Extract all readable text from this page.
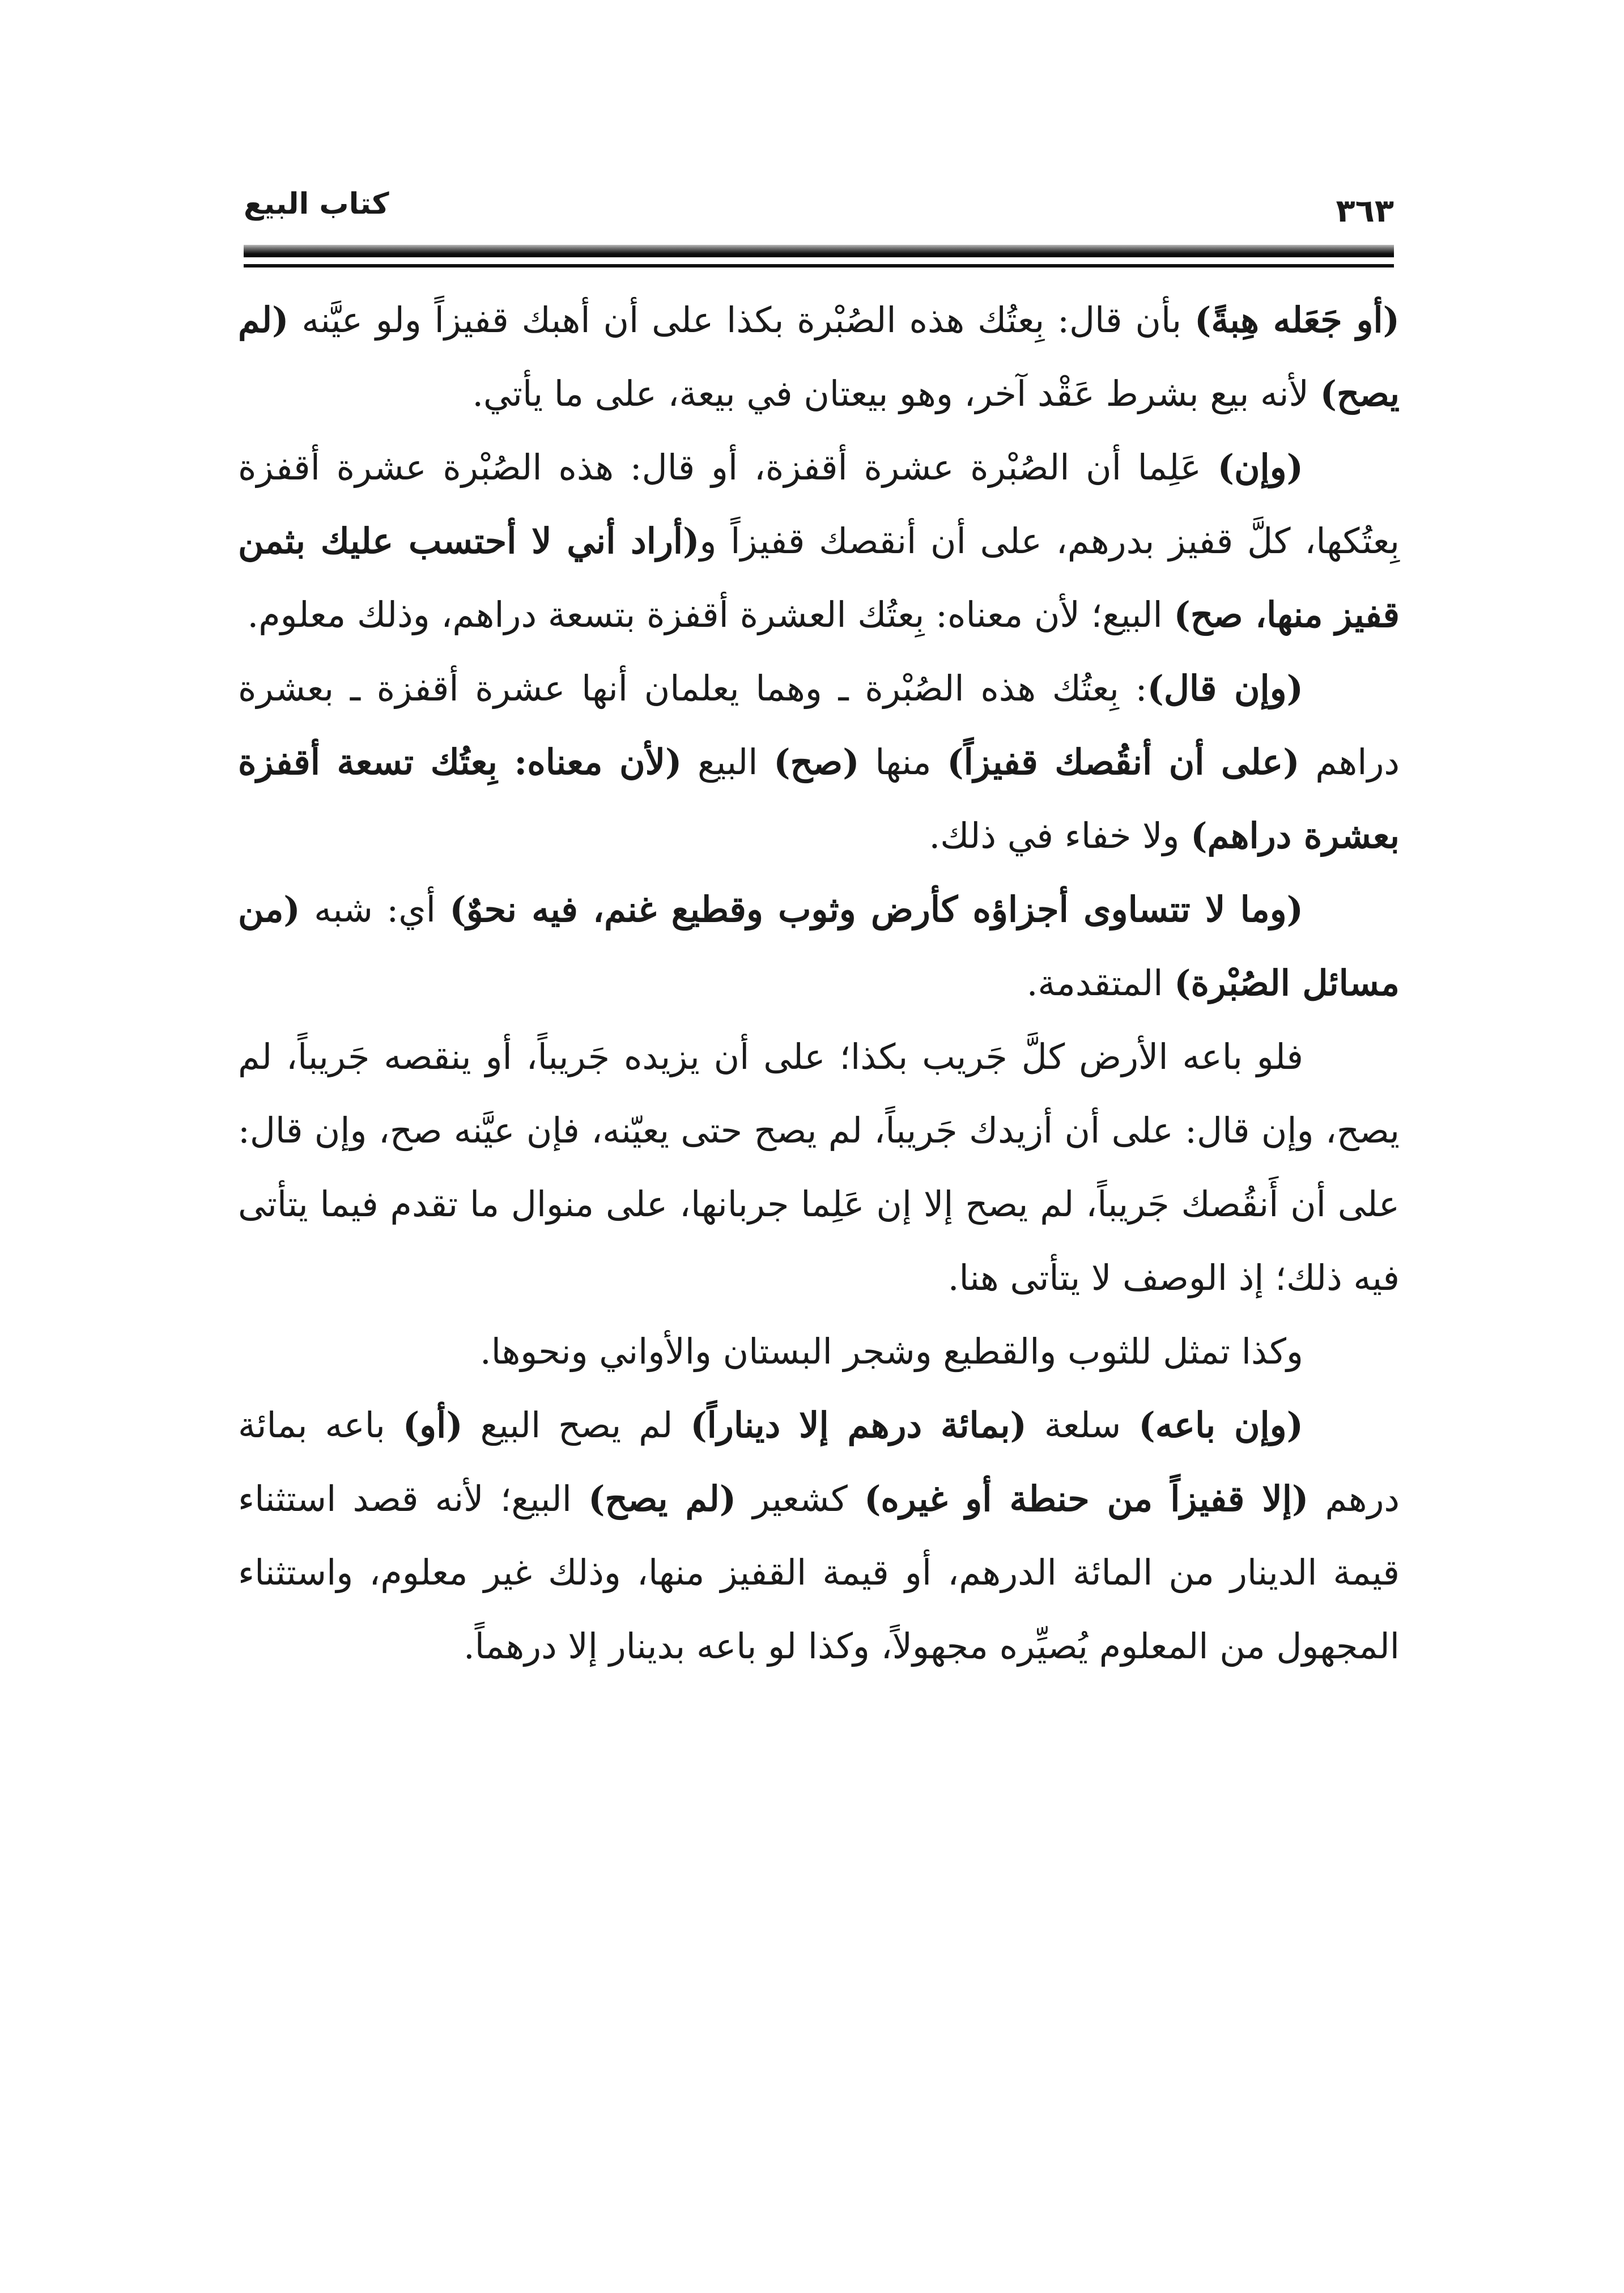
كتاب البيع	٣٦٣

(أو جَعَله هِبةً) بأن قال: بِعتُك هذه الصُبْرة بكذا على أن أهبك قفيزاً ولو عيَّنه (لم يصح) لأنه بيع بشرط عَقْد آخر، وهو بيعتان في بيعة، على ما يأتي.

(وإن) عَلِما أن الصُبْرة عشرة أقفزة، أو قال: هذه الصُبْرة عشرة أقفزة بِعتُكها، كلَّ قفيز بدرهم، على أن أنقصك قفيزاً و(أراد أني لا أحتسب عليك بثمن قفيز منها، صح) البيع؛ لأن معناه: بِعتُك العشرة أقفزة بتسعة دراهم، وذلك معلوم.

(وإن قال): بِعتُك هذه الصُبْرة ـ وهما يعلمان أنها عشرة أقفزة ـ بعشرة دراهم (على أن أنقُصك قفيزاً) منها (صح) البيع (لأن معناه: بِعتُك تسعة أقفزة بعشرة دراهم) ولا خفاء في ذلك.

(وما لا تتساوى أجزاؤه كأرض وثوب وقطيع غنم، فيه نحوٌ) أي: شبه (من مسائل الصُبْرة) المتقدمة.

فلو باعه الأرض كلَّ جَريب بكذا؛ على أن يزيده جَريباً، أو ينقصه جَريباً، لم يصح، وإن قال: على أن أزيدك جَريباً، لم يصح حتى يعيّنه، فإن عيَّنه صح، وإن قال: على أن أَنقُصك جَريباً، لم يصح إلا إن عَلِما جربانها، على منوال ما تقدم فيما يتأتى فيه ذلك؛ إذ الوصف لا يتأتى هنا.

وكذا تمثل للثوب والقطيع وشجر البستان والأواني ونحوها.

(وإن باعه) سلعة (بمائة درهم إلا ديناراً) لم يصح البيع (أو) باعه بمائة درهم (إلا قفيزاً من حنطة أو غيره) كشعير (لم يصح) البيع؛ لأنه قصد استثناء قيمة الدينار من المائة الدرهم، أو قيمة القفيز منها، وذلك غير معلوم، واستثناء المجهول من المعلوم يُصيِّره مجهولاً، وكذا لو باعه بدينار إلا درهماً.
